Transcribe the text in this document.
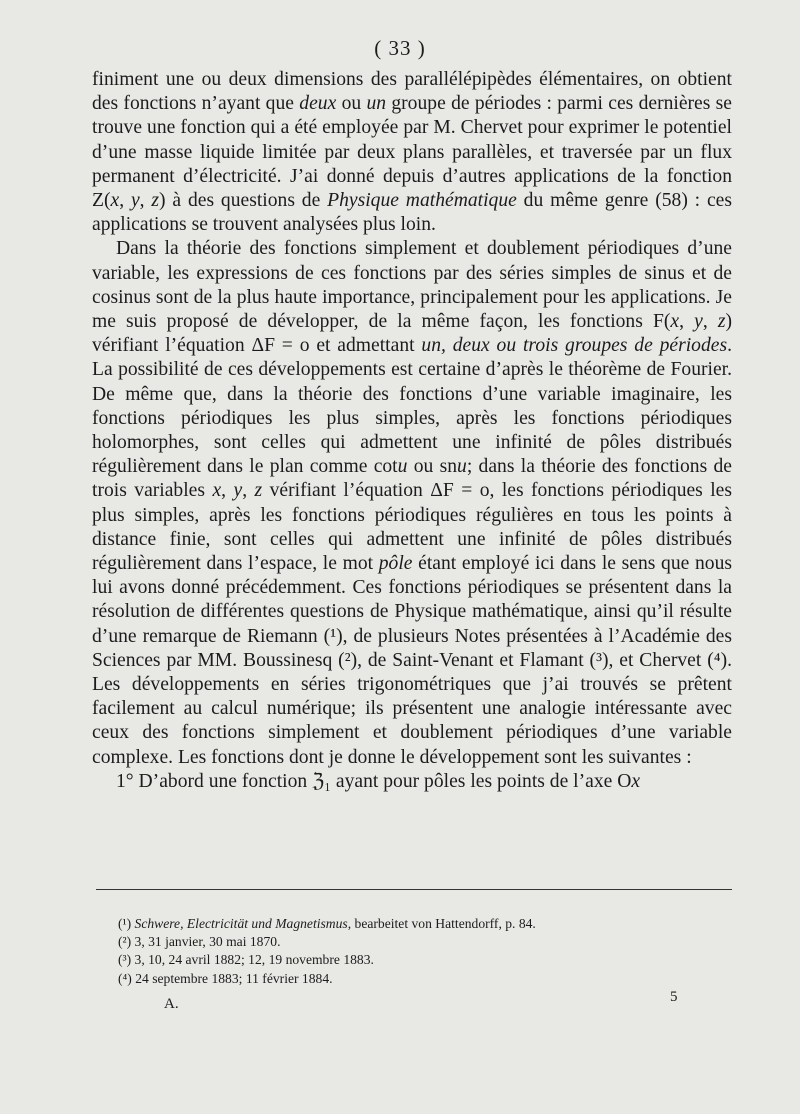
( 33 )

finiment une ou deux dimensions des parallélépipèdes élémentaires, on obtient des fonctions n’ayant que deux ou un groupe de périodes : parmi ces dernières se trouve une fonction qui a été employée par M. Chervet pour exprimer le potentiel d’une masse liquide limitée par deux plans parallèles, et traversée par un flux permanent d’électricité. J’ai donné depuis d’autres applications de la fonction Z(x, y, z) à des questions de Physique mathématique du même genre (58) : ces applications se trouvent analysées plus loin.

Dans la théorie des fonctions simplement et doublement périodiques d’une variable, les expressions de ces fonctions par des séries simples de sinus et de cosinus sont de la plus haute importance, principalement pour les applications. Je me suis proposé de développer, de la même façon, les fonctions F(x, y, z) vérifiant l’équation ΔF = o et admettant un, deux ou trois groupes de périodes. La possibilité de ces développements est certaine d’après le théorème de Fourier. De même que, dans la théorie des fonctions d’une variable imaginaire, les fonctions périodiques les plus simples, après les fonctions périodiques holomorphes, sont celles qui admettent une infinité de pôles distribués régulièrement dans le plan comme cotu ou snu; dans la théorie des fonctions de trois variables x, y, z vérifiant l’équation ΔF = o, les fonctions périodiques les plus simples, après les fonctions périodiques régulières en tous les points à distance finie, sont celles qui admettent une infinité de pôles distribués régulièrement dans l’espace, le mot pôle étant employé ici dans le sens que nous lui avons donné précédemment. Ces fonctions périodiques se présentent dans la résolution de différentes questions de Physique mathématique, ainsi qu’il résulte d’une remarque de Riemann (¹), de plusieurs Notes présentées à l’Académie des Sciences par MM. Boussinesq (²), de Saint-Venant et Flamant (³), et Chervet (⁴). Les développements en séries trigonométriques que j’ai trouvés se prêtent facilement au calcul numérique; ils présentent une analogie intéressante avec ceux des fonctions simplement et doublement périodiques d’une variable complexe. Les fonctions dont je donne le développement sont les suivantes :

1° D’abord une fonction ℨ₁ ayant pour pôles les points de l’axe Ox

(¹) Schwere, Electricität und Magnetismus, bearbeitet von Hattendorff, p. 84.
(²) 3, 31 janvier, 30 mai 1870.
(³) 3, 10, 24 avril 1882; 12, 19 novembre 1883.
(⁴) 24 septembre 1883; 11 février 1884.
A.	5
